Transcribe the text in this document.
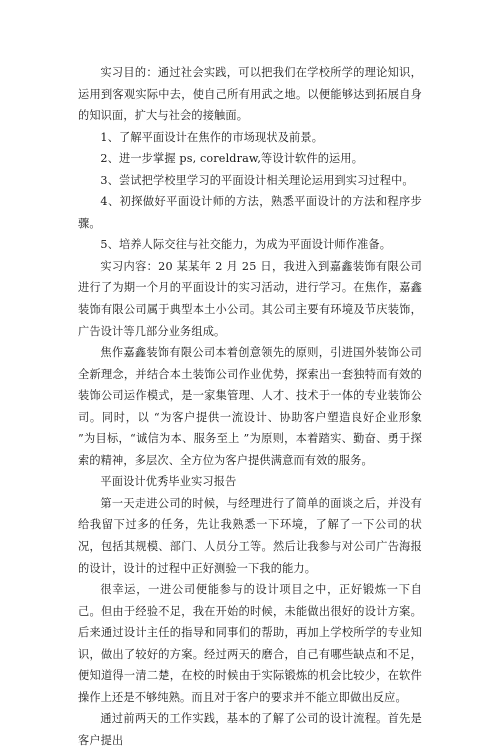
实习目的：通过社会实践，可以把我们在学校所学的理论知识，运用到客观实际中去，使自己所有用武之地。以便能够达到拓展自身的知识面，扩大与社会的接触面。

1、了解平面设计在焦作的市场现状及前景。

2、进一步掌握 ps, coreldraw,等设计软件的运用。

3、尝试把学校里学习的平面设计相关理论运用到实习过程中。

4、初探做好平面设计师的方法，熟悉平面设计的方法和程序步骤。

5、培养人际交往与社交能力，为成为平面设计师作准备。

实习内容：20 某某年 2 月 25 日，我进入到嘉鑫装饰有限公司进行了为期一个月的平面设计的实习活动，进行学习。在焦作，嘉鑫装饰有限公司属于典型本土小公司。其公司主要有环境及节庆装饰，广告设计等几部分业务组成。

焦作嘉鑫装饰有限公司本着创意领先的原则，引进国外装饰公司全新理念，并结合本土装饰公司作业优势，探索出一套独特而有效的装饰公司运作模式，是一家集管理、人才、技术于一体的专业装饰公司。同时，以 “为客户提供一流设计、协助客户塑造良好企业形象 ”为目标，“诚信为本、服务至上 ”为原则，本着踏实、勤奋、勇于探索的精神，多层次、全方位为客户提供满意而有效的服务。

平面设计优秀毕业实习报告

第一天走进公司的时候，与经理进行了简单的面谈之后，并没有给我留下过多的任务，先让我熟悉一下环境，了解了一下公司的状况，包括其规模、部门、人员分工等。然后让我参与对公司广告海报的设计，设计的过程中正好测验一下我的能力。

很幸运，一进公司便能参与的设计项目之中，正好锻炼一下自己。但由于经验不足，我在开始的时候，未能做出很好的设计方案。后来通过设计主任的指导和同事们的帮助，再加上学校所学的专业知识，做出了较好的方案。经过两天的磨合，自己有哪些缺点和不足，便知道得一清二楚，在校的时候由于实际锻炼的机会比较少，在软件操作上还是不够纯熟。而且对于客户的要求并不能立即做出反应。

通过前两天的工作实践，基本的了解了公司的设计流程。首先是客户提出
